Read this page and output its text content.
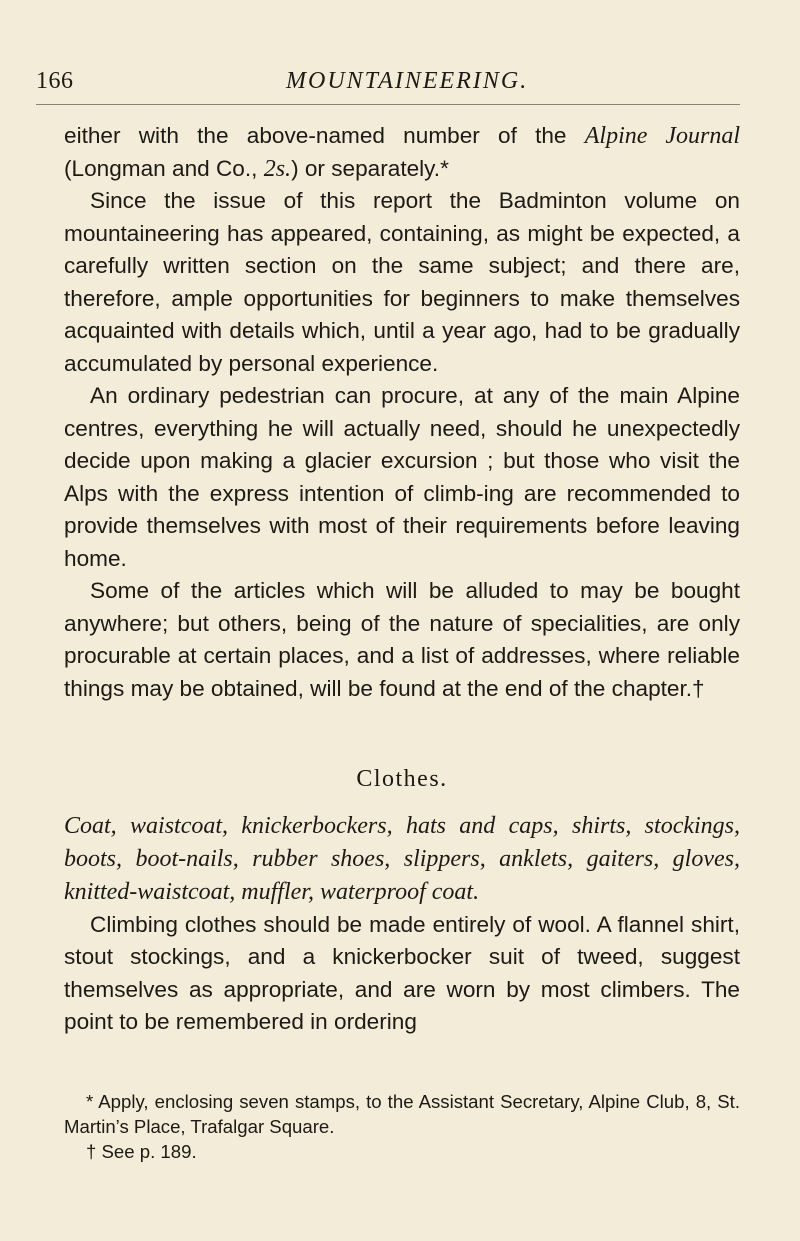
166	MOUNTAINEERING.

either with the above-named number of the Alpine Journal (Longman and Co., 2s.) or separately.*

Since the issue of this report the Badminton volume on mountaineering has appeared, containing, as might be expected, a carefully written section on the same subject; and there are, therefore, ample opportunities for beginners to make themselves acquainted with details which, until a year ago, had to be gradually accumulated by personal experience.

An ordinary pedestrian can procure, at any of the main Alpine centres, everything he will actually need, should he unexpectedly decide upon making a glacier excursion ; but those who visit the Alps with the express intention of climb-ing are recommended to provide themselves with most of their requirements before leaving home.

Some of the articles which will be alluded to may be bought anywhere; but others, being of the nature of specialities, are only procurable at certain places, and a list of addresses, where reliable things may be obtained, will be found at the end of the chapter.†

Clothes.

Coat, waistcoat, knickerbockers, hats and caps, shirts, stockings, boots, boot-nails, rubber shoes, slippers, anklets, gaiters, gloves, knitted-waistcoat, muffler, waterproof coat.

Climbing clothes should be made entirely of wool. A flannel shirt, stout stockings, and a knickerbocker suit of tweed, suggest themselves as appropriate, and are worn by most climbers. The point to be remembered in ordering

* Apply, enclosing seven stamps, to the Assistant Secretary, Alpine Club, 8, St. Martin’s Place, Trafalgar Square.

† See p. 189.
